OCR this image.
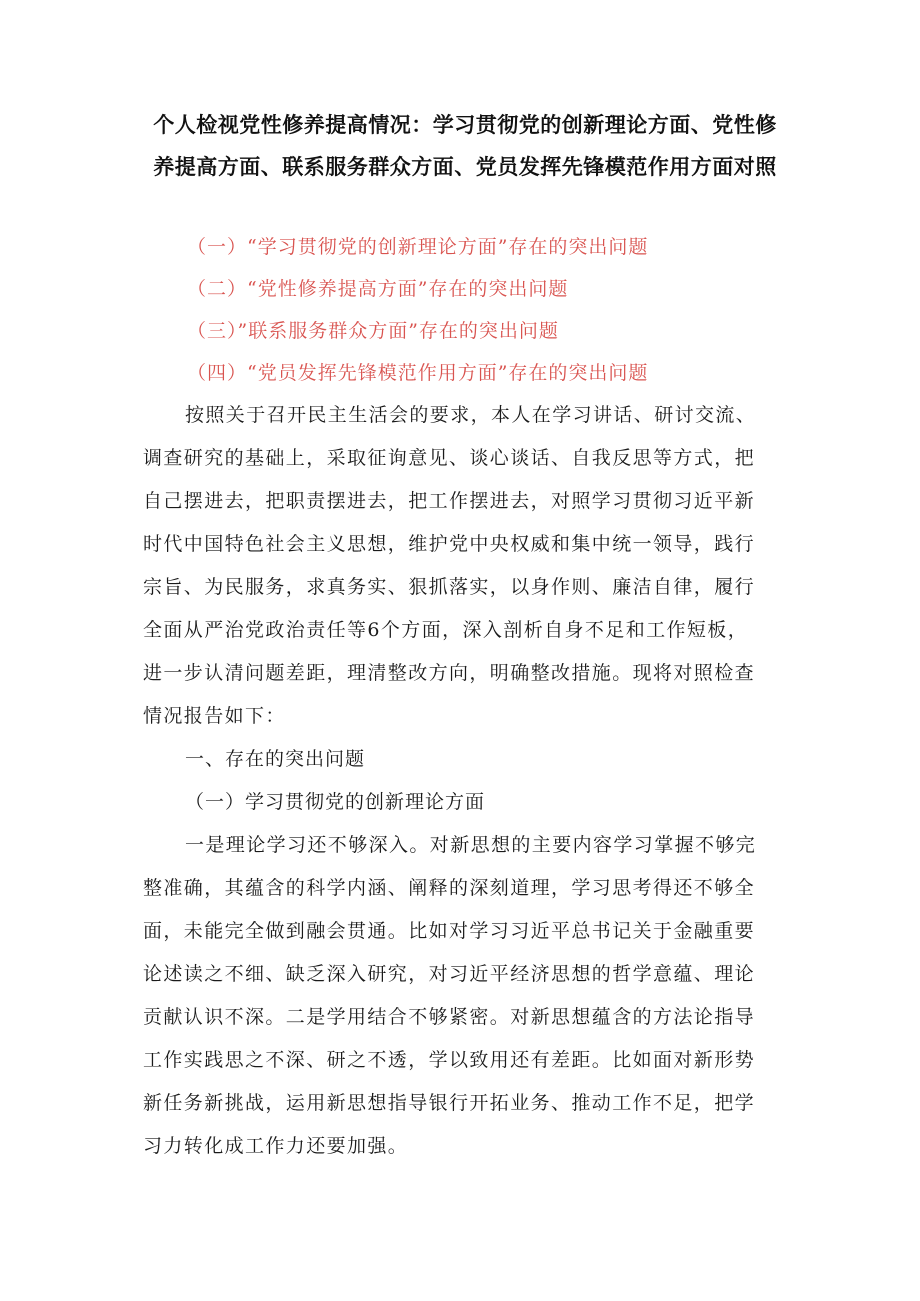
个人检视党性修养提高情况：学习贯彻党的创新理论方面、党性修
养提高方面、联系服务群众方面、党员发挥先锋模范作用方面对照
（一）“学习贯彻党的创新理论方面”存在的突出问题
（二）“党性修养提高方面”存在的突出问题
（三）”联系服务群众方面”存在的突出问题
（四）“党员发挥先锋模范作用方面”存在的突出问题
按照关于召开民主生活会的要求，本人在学习讲话、研讨交流、
调查研究的基础上，采取征询意见、谈心谈话、自我反思等方式，把
自己摆进去，把职责摆进去，把工作摆进去，对照学习贯彻习近平新
时代中国特色社会主义思想，维护党中央权威和集中统一领导，践行
宗旨、为民服务，求真务实、狠抓落实，以身作则、廉洁自律，履行
全面从严治党政治责任等6个方面，深入剖析自身不足和工作短板，
进一步认清问题差距，理清整改方向，明确整改措施。现将对照检查
情况报告如下：
一、存在的突出问题
（一）学习贯彻党的创新理论方面
一是理论学习还不够深入。对新思想的主要内容学习掌握不够完
整准确，其蕴含的科学内涵、阐释的深刻道理，学习思考得还不够全
面，未能完全做到融会贯通。比如对学习习近平总书记关于金融重要
论述读之不细、缺乏深入研究，对习近平经济思想的哲学意蕴、理论
贡献认识不深。二是学用结合不够紧密。对新思想蕴含的方法论指导
工作实践思之不深、研之不透，学以致用还有差距。比如面对新形势
新任务新挑战，运用新思想指导银行开拓业务、推动工作不足，把学
习力转化成工作力还要加强。
